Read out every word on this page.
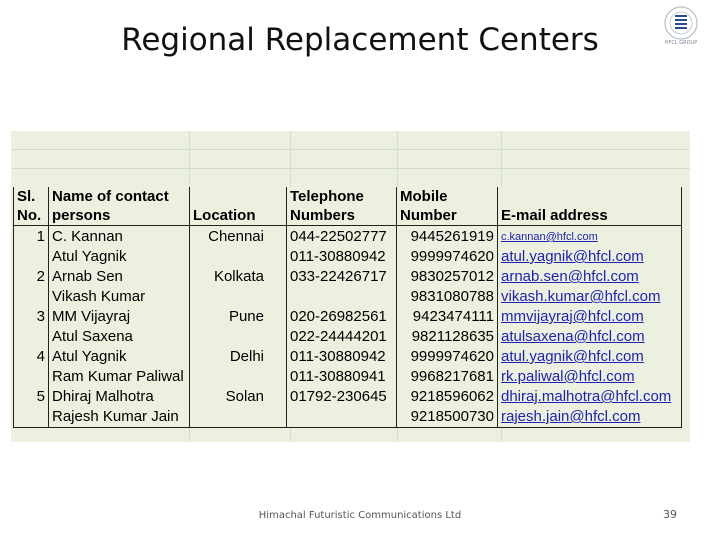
Regional Replacement Centers	HFCL GROUP
Sl.	Name of contact		Telephone	Mobile	
No.	persons	Location	Numbers	Number	E-mail address
1	C. Kannan	Chennai	044-22502777	9445261919	c.kannan@hfcl.com
	Atul Yagnik		011-30880942	9999974620	atul.yagnik@hfcl.com
2	Arnab Sen	Kolkata	033-22426717	9830257012	arnab.sen@hfcl.com
	Vikash Kumar			9831080788	vikash.kumar@hfcl.com
3	MM Vijayraj	Pune	020-26982561	9423474111	mmvijayraj@hfcl.com
	Atul Saxena		022-24444201	9821128635	atulsaxena@hfcl.com
4	Atul Yagnik	Delhi	011-30880942	9999974620	atul.yagnik@hfcl.com
	Ram Kumar Paliwal		011-30880941	9968217681	rk.paliwal@hfcl.com
5	Dhiraj Malhotra	Solan	01792-230645	9218596062	dhiraj.malhotra@hfcl.com
	Rajesh Kumar Jain			9218500730	rajesh.jain@hfcl.com
Himachal Futuristic Communications Ltd	39
